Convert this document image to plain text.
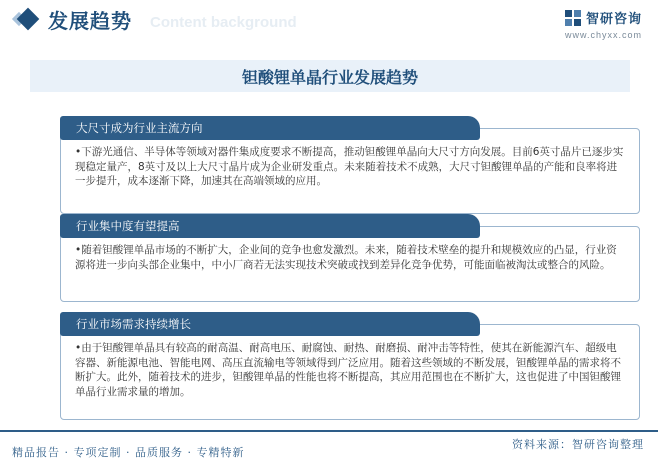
发展趋势 Content background	智研咨询
www.chyxx.com
钽酸锂单晶行业发展趋势
•下游光通信、半导体等领域对器件集成度要求不断提高，推动钽酸锂单晶向大尺寸方向发展。目前6英寸晶片已逐步实现稳定量产，8英寸及以上大尺寸晶片成为企业研发重点。未来随着技术不成熟，大尺寸钽酸锂单晶的产能和良率将进一步提升，成本逐渐下降，加速其在高端领域的应用。
大尺寸成为行业主流方向
•随着钽酸锂单晶市场的不断扩大，企业间的竞争也愈发激烈。未来，随着技术壁垒的提升和规模效应的凸显，行业资源将进一步向头部企业集中，中小厂商若无法实现技术突破或找到差异化竞争优势，可能面临被淘汰或整合的风险。
行业集中度有望提高
•由于钽酸锂单晶具有较高的耐高温、耐高电压、耐腐蚀、耐热、耐磨损、耐冲击等特性，使其在新能源汽车、超级电容器、新能源电池、智能电网、高压直流输电等领域得到广泛应用。随着这些领域的不断发展，钽酸锂单晶的需求将不断扩大。此外，随着技术的进步，钽酸锂单晶的性能也将不断提高，其应用范围也在不断扩大，这也促进了中国钽酸锂单晶行业需求量的增加。
行业市场需求持续增长
精品报告 · 专项定制 · 品质服务 · 专精特新
资料来源：智研咨询整理
